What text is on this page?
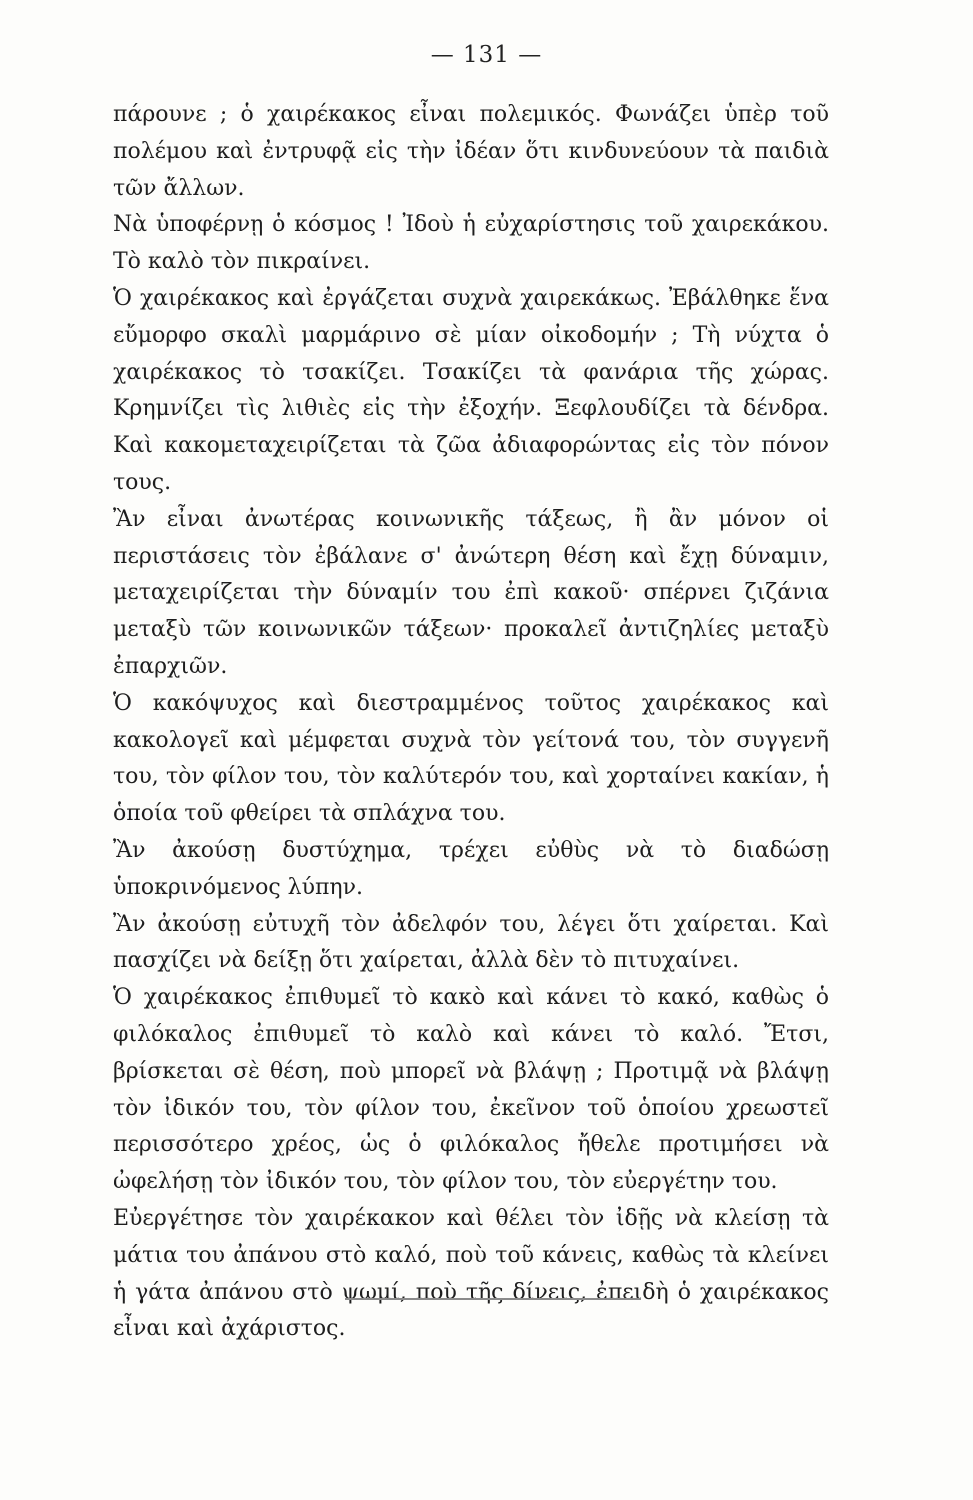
— 131 —

πάρουνε ; ὁ χαιρέκακος εἶναι πολεμικός. Φωνάζει ὑπὲρ τοῦ πολέμου καὶ ἐντρυφᾷ εἰς τὴν ἰδέαν ὅτι κινδυνεύουν τὰ παιδιὰ τῶν ἄλλων.

Νὰ ὑποφέρνῃ ὁ κόσμος ! Ἰδοὺ ἡ εὐχαρίστησις τοῦ χαιρεκάκου. Τὸ καλὸ τὸν πικραίνει.

Ὁ χαιρέκακος καὶ ἐργάζεται συχνὰ χαιρεκάκως. Ἐβάλθηκε ἕνα εὔμορφο σκαλὶ μαρμάρινο σὲ μίαν οἰκοδομήν ; Τὴ νύχτα ὁ χαιρέκακος τὸ τσακίζει. Τσακίζει τὰ φανάρια τῆς χώρας. Κρημνίζει τὶς λιθιὲς εἰς τὴν ἐξοχήν. Ξεφλουδίζει τὰ δένδρα. Καὶ κακομεταχειρίζεται τὰ ζῶα ἀδιαφορώντας εἰς τὸν πόνον τους.

Ἂν εἶναι ἀνωτέρας κοινωνικῆς τάξεως, ἢ ἂν μόνον οἱ περιστάσεις τὸν ἐβάλανε σ' ἀνώτερη θέση καὶ ἔχῃ δύναμιν, μεταχειρίζεται τὴν δύναμίν του ἐπὶ κακοῦ· σπέρνει ζιζάνια μεταξὺ τῶν κοινωνικῶν τάξεων· προκαλεῖ ἀντιζηλίες μεταξὺ ἐπαρχιῶν.

Ὁ κακόψυχος καὶ διεστραμμένος τοῦτος χαιρέκακος καὶ κακολογεῖ καὶ μέμφεται συχνὰ τὸν γείτονά του, τὸν συγγενῆ του, τὸν φίλον του, τὸν καλύτερόν του, καὶ χορταίνει κακίαν, ἡ ὁποία τοῦ φθείρει τὰ σπλάχνα του.

Ἂν ἀκούσῃ δυστύχημα, τρέχει εὐθὺς νὰ τὸ διαδώσῃ ὑποκρινόμενος λύπην.

Ἂν ἀκούσῃ εὐτυχῆ τὸν ἀδελφόν του, λέγει ὅτι χαίρεται. Καὶ πασχίζει νὰ δείξῃ ὅτι χαίρεται, ἀλλὰ δὲν τὸ πιτυχαίνει.

Ὁ χαιρέκακος ἐπιθυμεῖ τὸ κακὸ καὶ κάνει τὸ κακό, καθὼς ὁ φιλόκαλος ἐπιθυμεῖ τὸ καλὸ καὶ κάνει τὸ καλό. Ἔτσι, βρίσκεται σὲ θέση, ποὺ μπορεῖ νὰ βλάψῃ ; Προτιμᾷ νὰ βλάψῃ τὸν ἰδικόν του, τὸν φίλον του, ἐκεῖνον τοῦ ὁποίου χρεωστεῖ περισσότερο χρέος, ὡς ὁ φιλόκαλος ἤθελε προτιμήσει νὰ ὠφελήσῃ τὸν ἰδικόν του, τὸν φίλον του, τὸν εὐεργέτην του.

Εὐεργέτησε τὸν χαιρέκακον καὶ θέλει τὸν ἰδῇς νὰ κλείσῃ τὰ μάτια του ἀπάνου στὸ καλό, ποὺ τοῦ κάνεις, καθὼς τὰ κλείνει ἡ γάτα ἀπάνου στὸ ψωμί, ποὺ τῆς δίνεις, ἐπειδὴ ὁ χαιρέκακος εἶναι καὶ ἀχάριστος.
